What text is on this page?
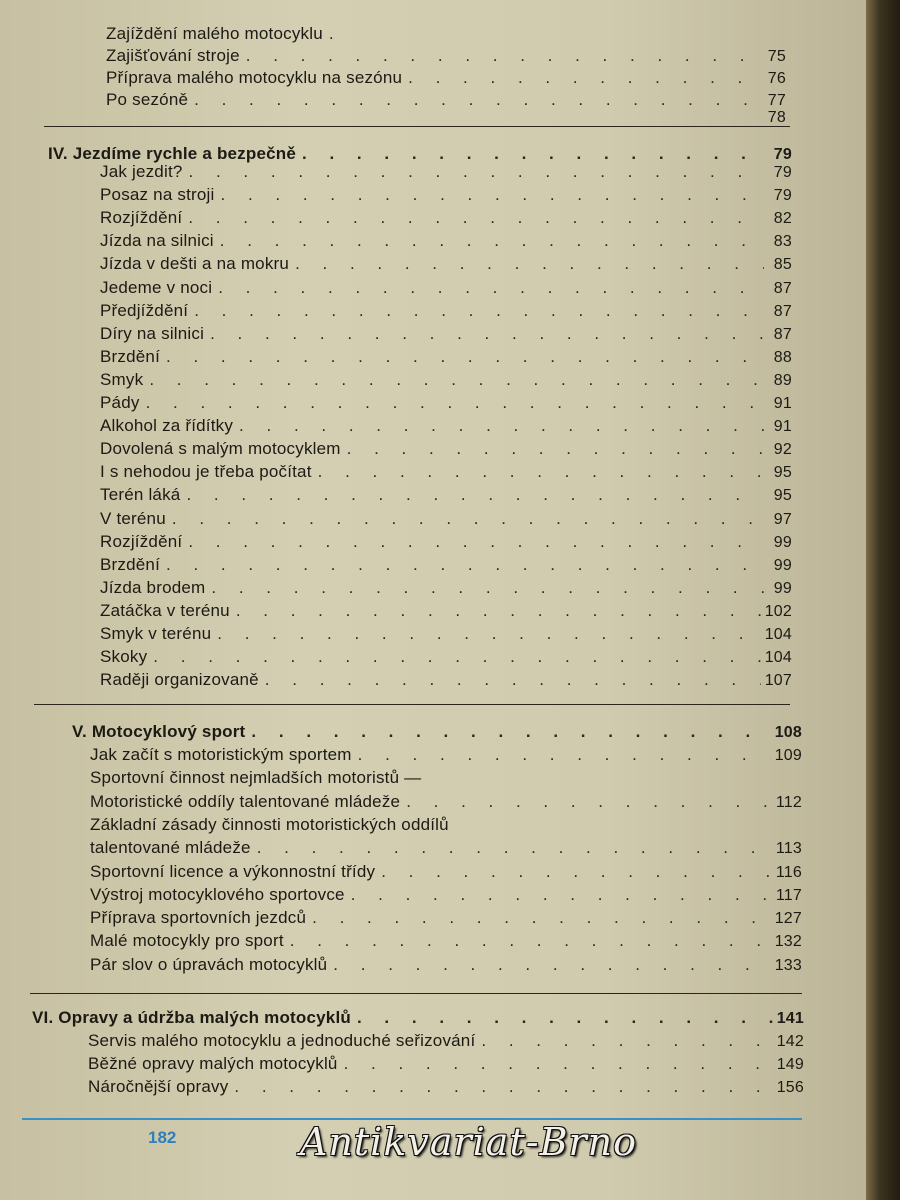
Zajíždění malého motocyklu
. . .
Zajišťování stroje . . .	75
Příprava malého motocyklu na sezónu . . .	76
Po sezóně . . .	77
78
IV. Jezdíme rychle a bezpečně . . .	79
Jak jezdit? . . .	79
Posaz na stroji . . .	79
Rozjíždění . . .	82
Jízda na silnici . . .	83
Jízda v dešti a na mokru . . .	85
Jedeme v noci . . .	87
Předjíždění . . .	87
Díry na silnici . . .	87
Brzdění . . .	88
Smyk . . .	89
Pády . . .	91
Alkohol za řídítky . . .	91
Dovolená s malým motocyklem . . .	92
I s nehodou je třeba počítat . . .	95
Terén láká . . .	95
V terénu . . .	97
Rozjíždění . . .	99
Brzdění . . .	99
Jízda brodem . . .	99
Zatáčka v terénu . . .	102
Smyk v terénu . . .	104
Skoky . . .	104
Raději organizovaně . . .	107
V. Motocyklový sport . . .	108
Jak začít s motoristickým sportem . . .	109
Sportovní činnost nejmladších motoristů —
Motoristické oddíly talentované mládeže . . .	112
Základní zásady činnosti motoristických oddílů
talentované mládeže . . .	113
Sportovní licence a výkonnostní třídy . . .	116
Výstroj motocyklového sportovce . . .	117
Příprava sportovních jezdců . . .	127
Malé motocykly pro sport . . .	132
Pár slov o úpravách motocyklů . . .	133
VI. Opravy a údržba malých motocyklů . . .	141
Servis malého motocyklu a jednoduché seřizování . . .	142
Běžné opravy malých motocyklů . . .	149
Náročnější opravy . . .	156
182	Antikvariat-Brno
